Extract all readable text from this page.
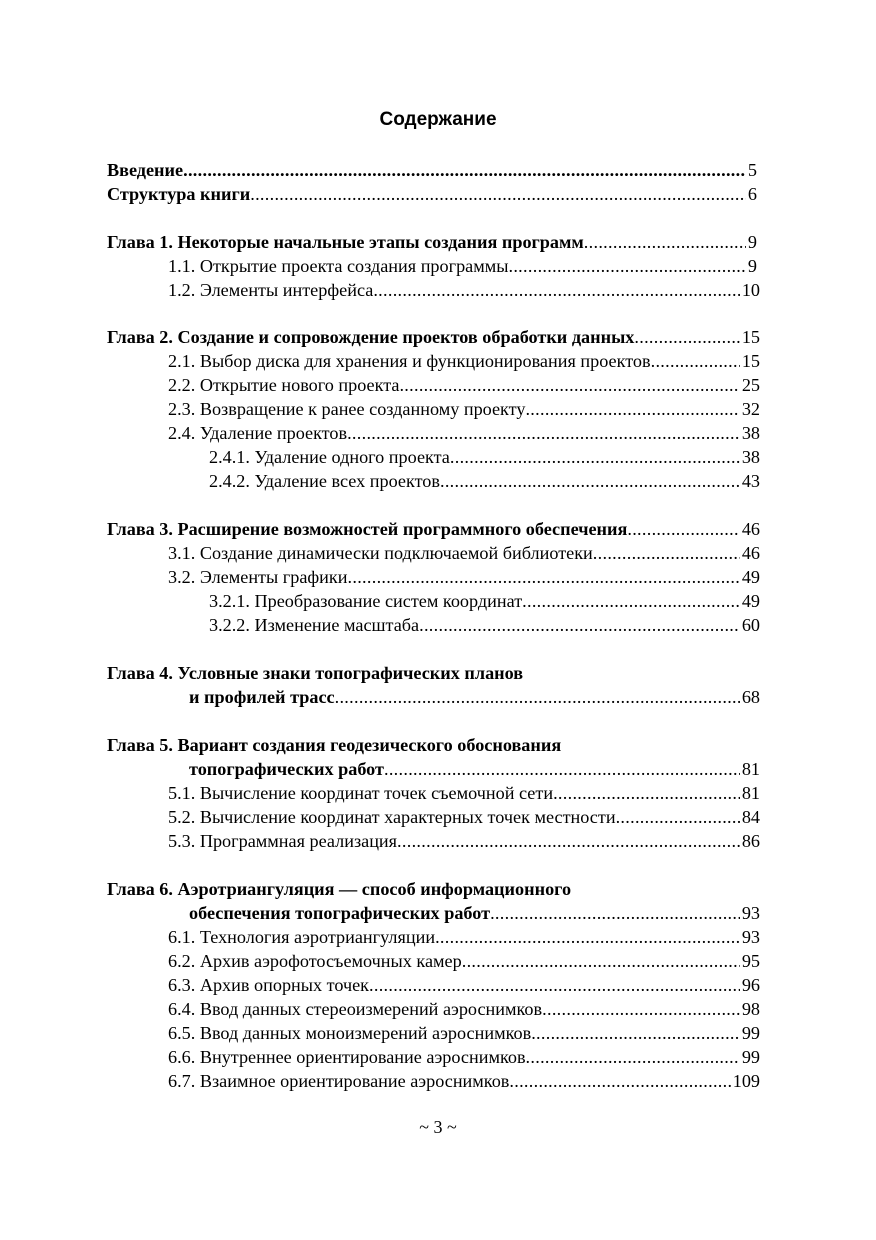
Содержание
Введение .....	5
Структура книги .....	6
Глава 1. Некоторые начальные этапы создания программ .....	9
1.1. Открытие проекта создания программы .....	9
1.2. Элементы интерфейса .....	10
Глава 2. Создание и сопровождение проектов обработки данных .....	15
2.1. Выбор диска для хранения и функционирования проектов .....	15
2.2. Открытие нового проекта .....	25
2.3. Возвращение к ранее созданному проекту .....	32
2.4. Удаление проектов .....	38
2.4.1. Удаление одного проекта .....	38
2.4.2. Удаление всех проектов .....	43
Глава 3. Расширение возможностей программного обеспечения .....	46
3.1. Создание динамически подключаемой библиотеки .....	46
3.2. Элементы графики .....	49
3.2.1. Преобразование систем координат .....	49
3.2.2. Изменение масштаба .....	60
Глава 4. Условные знаки топографических планов
и профилей трасс .....	68
Глава 5. Вариант создания геодезического обоснования
топографических работ .....	81
5.1. Вычисление координат точек съемочной сети .....	81
5.2. Вычисление координат характерных точек местности .....	84
5.3. Программная реализация .....	86
Глава 6. Аэротриангуляция — способ информационного
обеспечения топографических работ .....	93
6.1. Технология аэротриангуляции .....	93
6.2. Архив аэрофотосъемочных камер .....	95
6.3. Архив опорных точек .....	96
6.4. Ввод данных стереоизмерений аэроснимков .....	98
6.5. Ввод данных моноизмерений аэроснимков .....	99
6.6. Внутреннее ориентирование аэроснимков .....	99
6.7. Взаимное ориентирование аэроснимков .....	109
~ 3 ~
